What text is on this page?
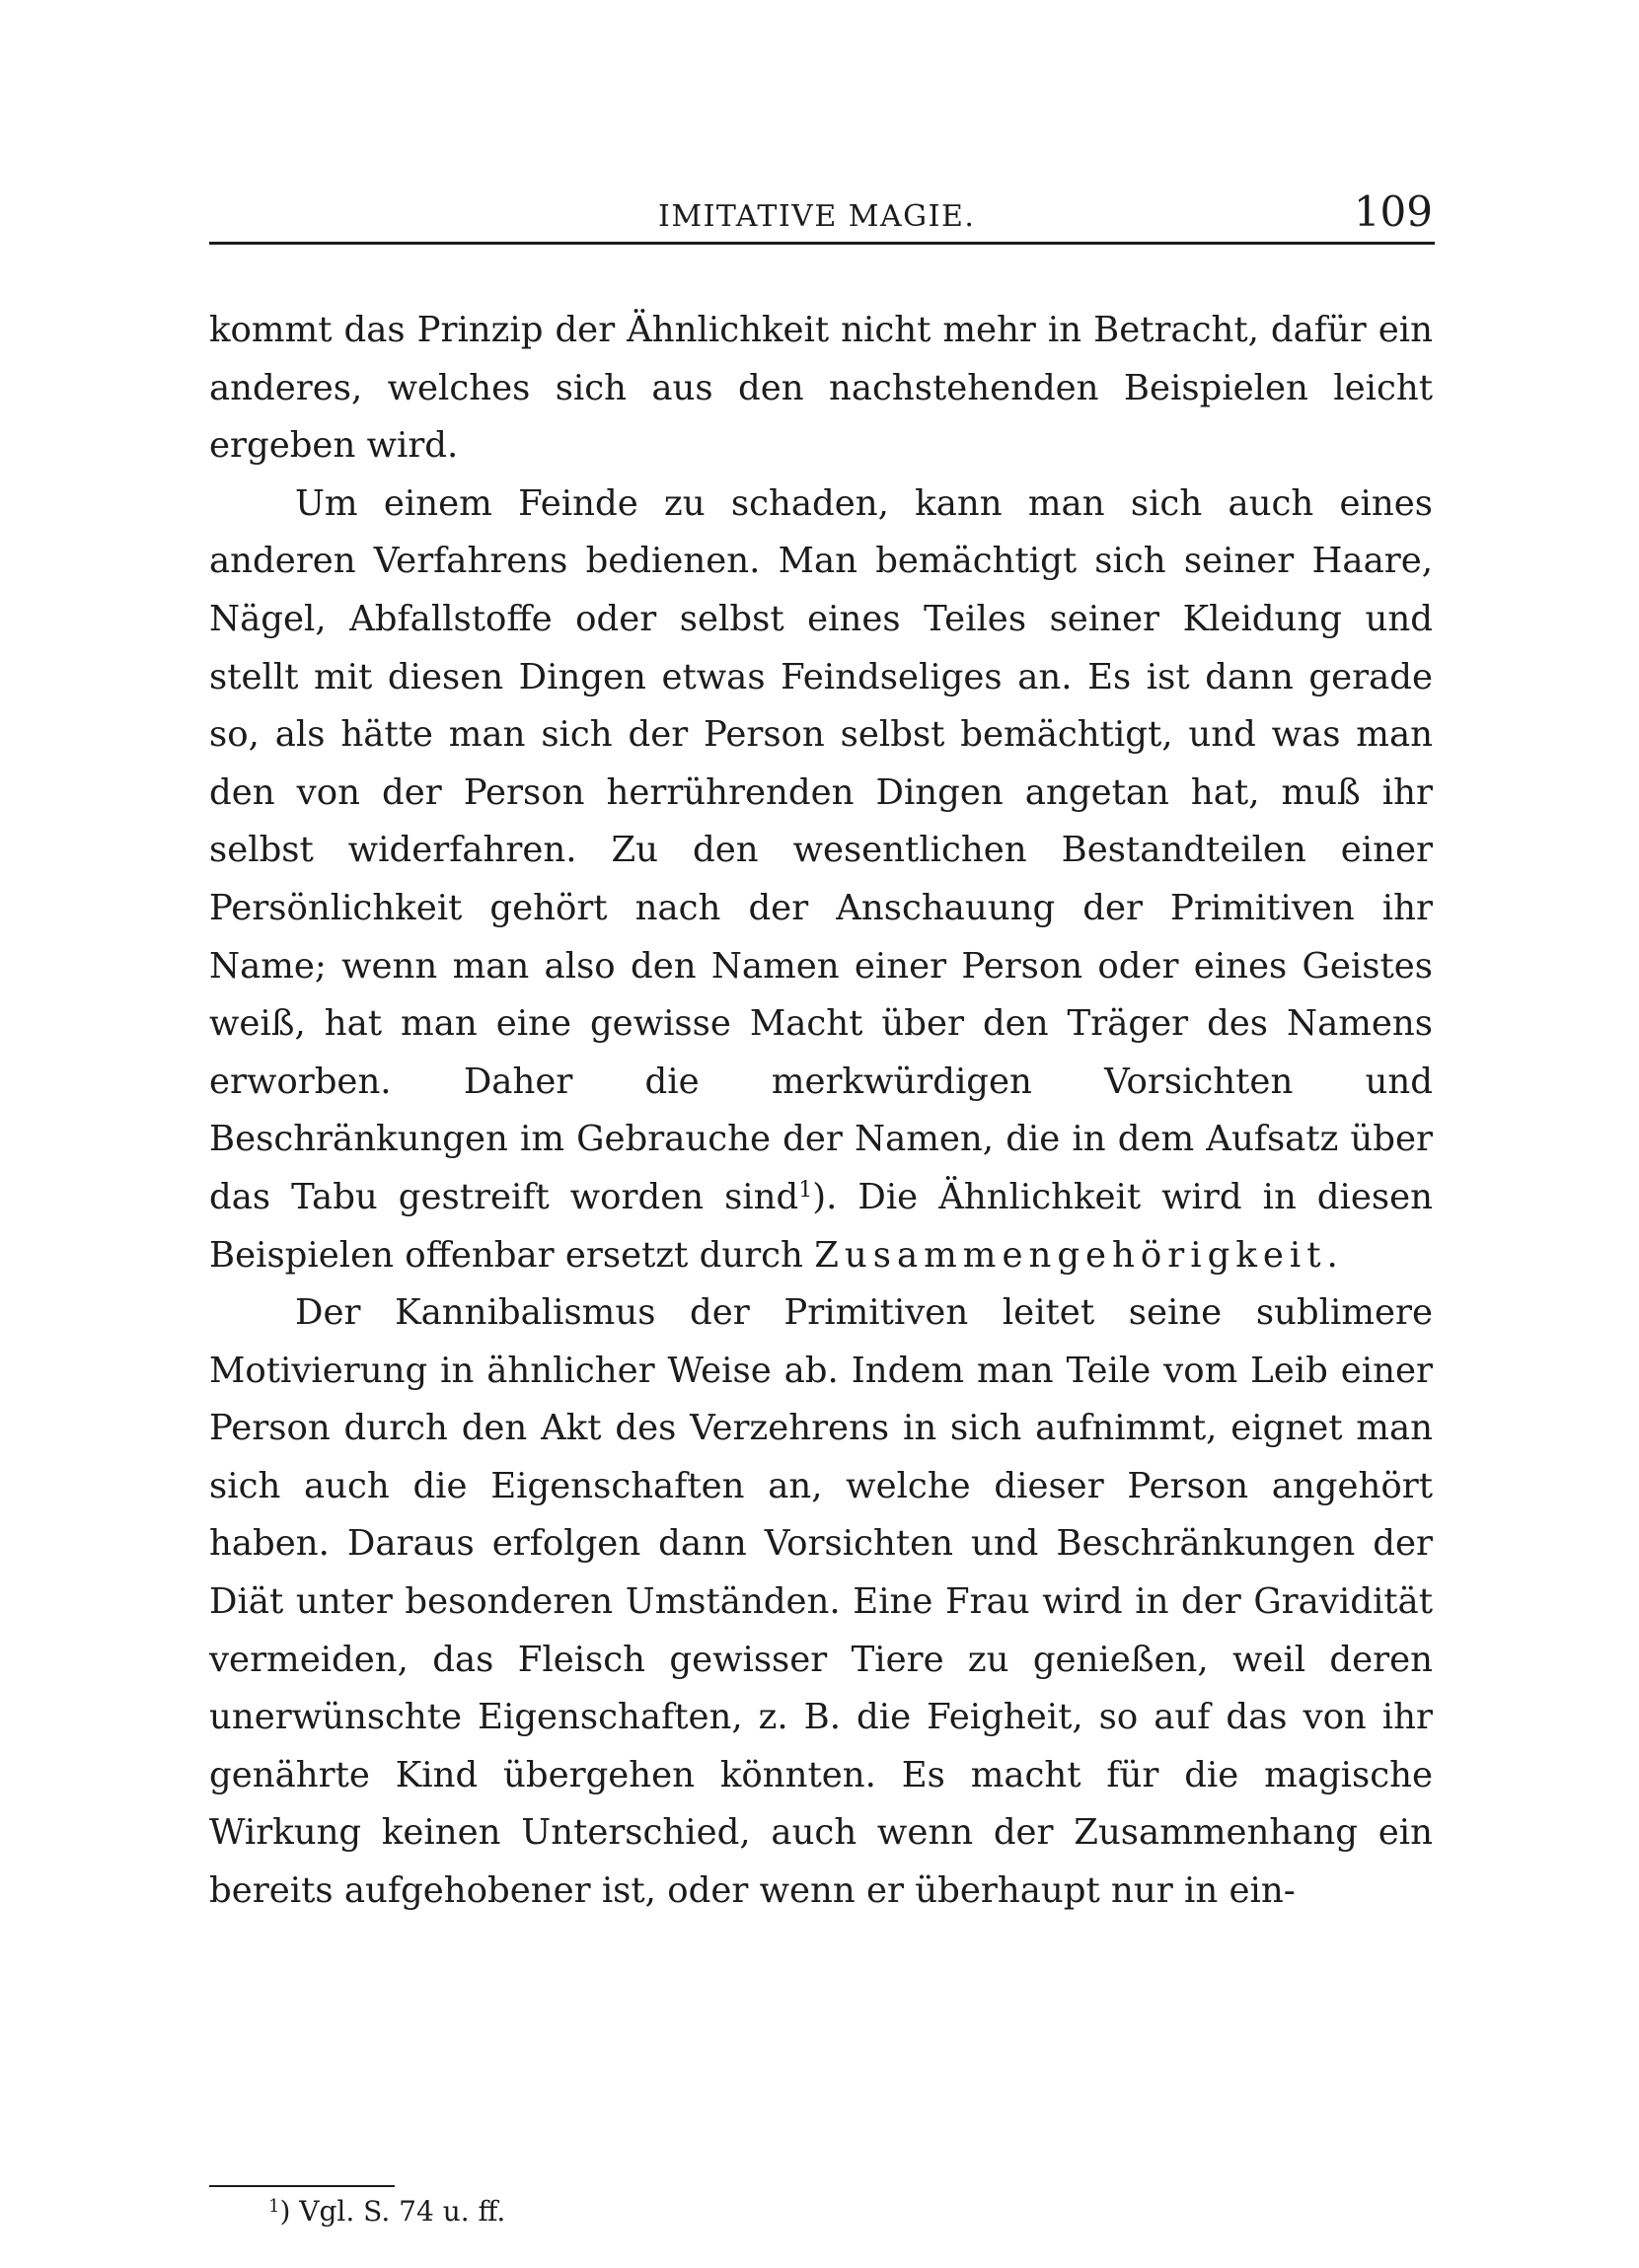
IMITATIVE MAGIE.	109

kommt das Prinzip der Ähnlichkeit nicht mehr in Betracht, dafür ein anderes, welches sich aus den nachstehenden Beispielen leicht ergeben wird.

Um einem Feinde zu schaden, kann man sich auch eines anderen Verfahrens bedienen. Man bemächtigt sich seiner Haare, Nägel, Abfallstoffe oder selbst eines Teiles seiner Kleidung und stellt mit diesen Dingen etwas Feindseliges an. Es ist dann gerade so, als hätte man sich der Person selbst bemächtigt, und was man den von der Person herrührenden Dingen angetan hat, muß ihr selbst widerfahren. Zu den wesentlichen Bestandteilen einer Persönlichkeit gehört nach der Anschauung der Primitiven ihr Name; wenn man also den Namen einer Person oder eines Geistes weiß, hat man eine gewisse Macht über den Träger des Namens erworben. Daher die merkwürdigen Vorsichten und Beschränkungen im Gebrauche der Namen, die in dem Aufsatz über das Tabu gestreift worden sind$^1$). Die Ähnlichkeit wird in diesen Beispielen offenbar ersetzt durch Zusammengehörigkeit.

Der Kannibalismus der Primitiven leitet seine sublimere Motivierung in ähnlicher Weise ab. Indem man Teile vom Leib einer Person durch den Akt des Verzehrens in sich aufnimmt, eignet man sich auch die Eigenschaften an, welche dieser Person angehört haben. Daraus erfolgen dann Vorsichten und Beschränkungen der Diät unter besonderen Umständen. Eine Frau wird in der Gravidität vermeiden, das Fleisch gewisser Tiere zu genießen, weil deren unerwünschte Eigenschaften, z. B. die Feigheit, so auf das von ihr genährte Kind übergehen könnten. Es macht für die magische Wirkung keinen Unterschied, auch wenn der Zusammenhang ein bereits aufgehobener ist, oder wenn er überhaupt nur in ein-

$^1$) Vgl. S. 74 u. ff.
